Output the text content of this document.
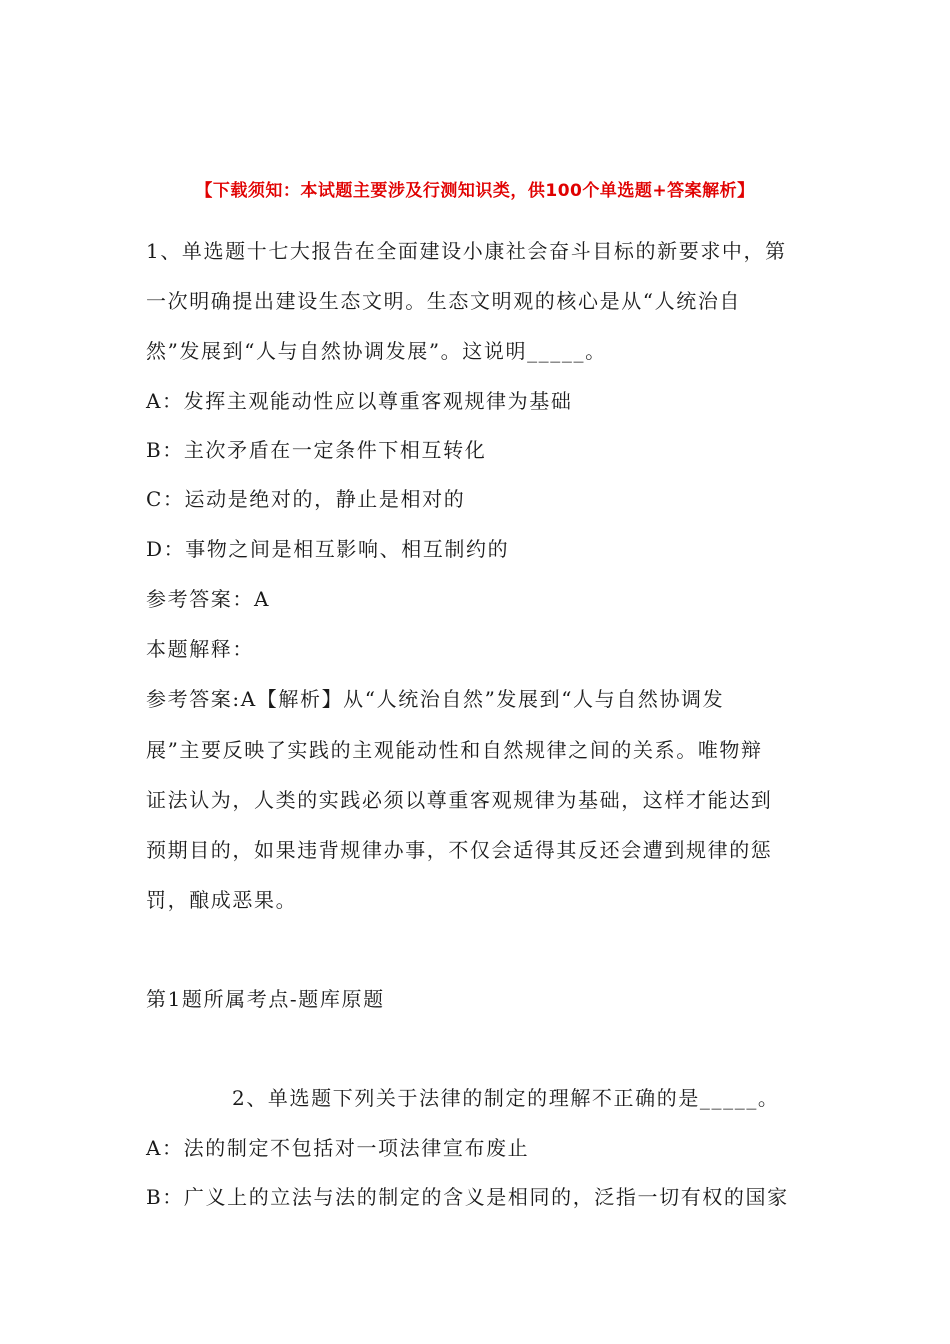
【下载须知：本试题主要涉及行测知识类，供100个单选题+答案解析】
1、单选题十七大报告在全面建设小康社会奋斗目标的新要求中，第
一次明确提出建设生态文明。生态文明观的核心是从“人统治自
然”发展到“人与自然协调发展”。这说明_____。
A：发挥主观能动性应以尊重客观规律为基础
B：主次矛盾在一定条件下相互转化
C：运动是绝对的，静止是相对的
D：事物之间是相互影响、相互制约的
参考答案：A
本题解释：
参考答案:A【解析】从“人统治自然”发展到“人与自然协调发
展”主要反映了实践的主观能动性和自然规律之间的关系。唯物辩
证法认为，人类的实践必须以尊重客观规律为基础，这样才能达到
预期目的，如果违背规律办事，不仅会适得其反还会遭到规律的惩
罚，酿成恶果。
第1题所属考点-题库原题
2、单选题下列关于法律的制定的理解不正确的是_____。
A：法的制定不包括对一项法律宣布废止
B：广义上的立法与法的制定的含义是相同的，泛指一切有权的国家
